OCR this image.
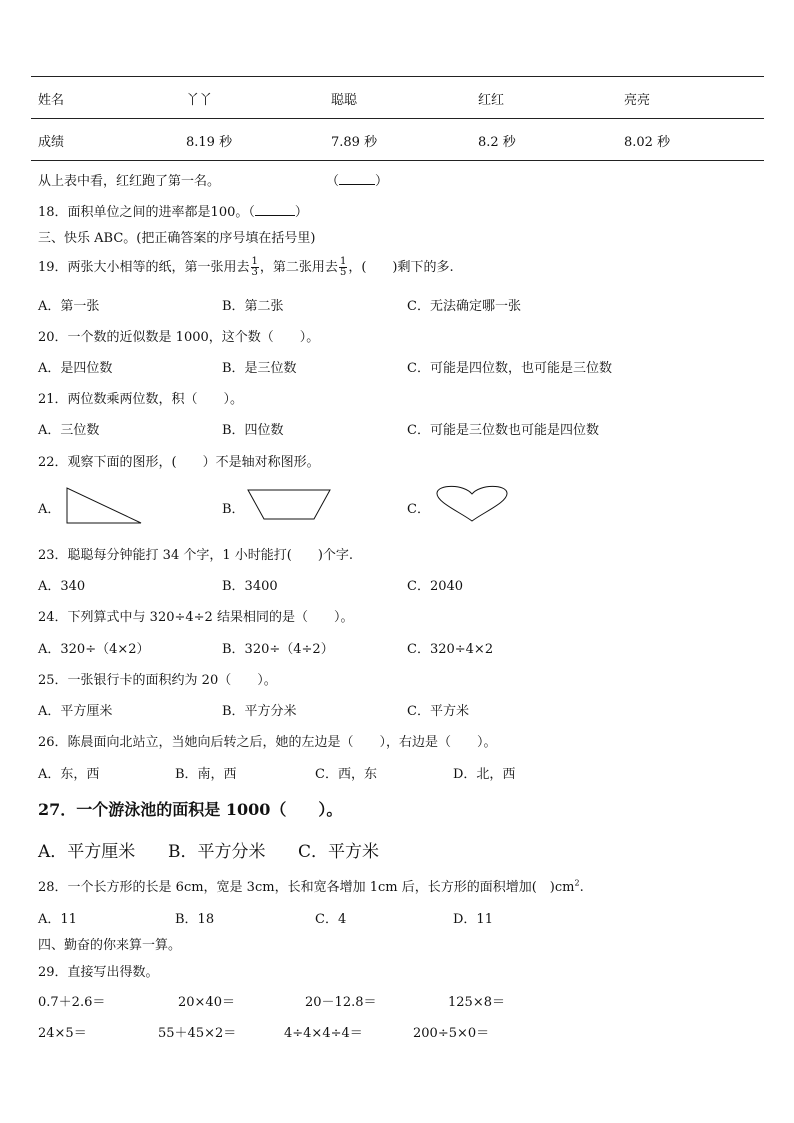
姓名	丫丫	聪聪	红红	亮亮
成绩	8.19 秒	7.89 秒	8.2 秒	8.02 秒
从上表中看，红红跑了第一名。	（	）
18．面积单位之间的进率都是100。（	）
三、快乐 ABC。(把正确答案的序号填在括号里)
19．两张大小相等的纸，第一张用去 $\frac{1}{3}$ ，第二张用去 $\frac{1}{5}$ ，(　　)剩下的多.
A．第一张	B．第二张	C．无法确定哪一张
20．一个数的近似数是 1000，这个数（　　）。
A．是四位数	B．是三位数	C．可能是四位数，也可能是三位数
21．两位数乘两位数，积（　　）。
A．三位数	B．四位数	C．可能是三位数也可能是四位数
22．观察下面的图形，(　　）不是轴对称图形。
A．	B．	C．
23．聪聪每分钟能打 34 个字，1 小时能打(　　)个字.
A．340	B．3400	C．2040
24．下列算式中与 320÷4÷2 结果相同的是（　　）。
A．320÷（4×2）	B．320÷（4÷2）	C．320÷4×2
25．一张银行卡的面积约为 20（　　）。
A．平方厘米	B．平方分米	C．平方米
26．陈晨面向北站立，当她向后转之后，她的左边是（　　），右边是（　　）。
A．东，西	B．南，西	C．西，东	D．北，西
27．一个游泳池的面积是 1000（　　）。
A．平方厘米 B．平方分米 C．平方米
28．一个长方形的长是 6cm，宽是 3cm，长和宽各增加 1cm 后，长方形的面积增加(　)$cm^2$.
A．11	B．18	C．4	D．11
四、勤奋的你来算一算。
29．直接写出得数。
0.7＋2.6＝	20×40＝	20－12.8＝	125×8＝
24×5＝	55＋45×2＝	4÷4×4÷4＝	200÷5×0＝
